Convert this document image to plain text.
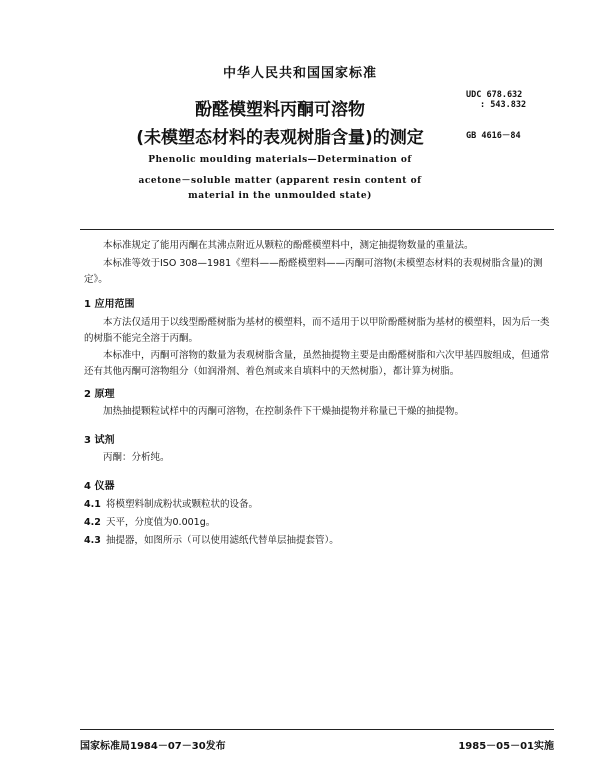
中华人民共和国国家标准
酚醛模塑料丙酮可溶物
(未模塑态材料的表观树脂含量)的测定
UDC 678.632
: 543.832
GB 4616－84
Phenolic moulding materials—Determination of
acetone－soluble matter (apparent resin content of
material in the unmoulded state)
本标准规定了能用丙酮在其沸点附近从颗粒的酚醛模塑料中，测定抽提物数量的重量法。
本标准等效于ISO 308—1981《塑料——酚醛模塑料——丙酮可溶物(未模塑态材料的表观树脂含量)的测定》。
1 应用范围
本方法仅适用于以线型酚醛树脂为基材的模塑料，而不适用于以甲阶酚醛树脂为基材的模塑料，因为后一类的树脂不能完全溶于丙酮。
本标准中，丙酮可溶物的数量为表观树脂含量，虽然抽提物主要是由酚醛树脂和六次甲基四胺组成，但通常还有其他丙酮可溶物组分（如润滑剂、着色剂或来自填料中的天然树脂），都计算为树脂。
2 原理
加热抽提颗粒试样中的丙酮可溶物，在控制条件下干燥抽提物并称量已干燥的抽提物。
3 试剂
丙酮：分析纯。
4 仪器
4.1 将模塑料制成粉状或颗粒状的设备。
4.2 天平，分度值为0.001g。
4.3 抽提器，如图所示（可以使用滤纸代替单层抽提套管）。
国家标准局1984－07－30发布	1985－05－01实施
